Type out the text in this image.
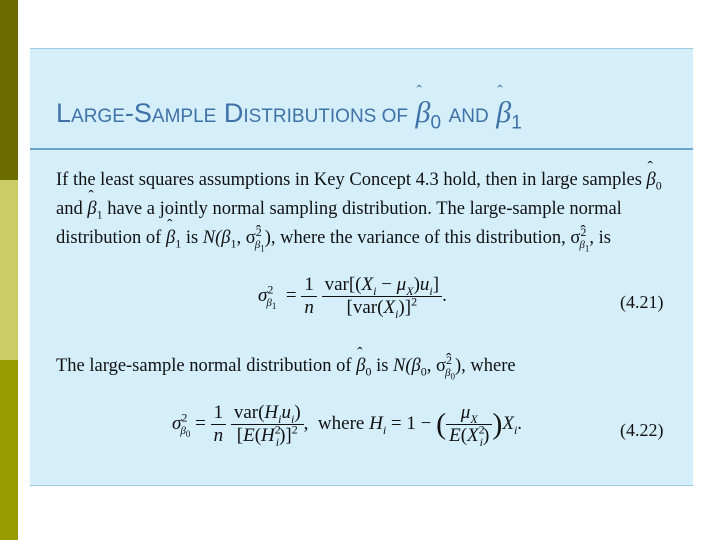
LARGE-SAMPLE DISTRIBUTIONS OF ˆ $\beta_0$ AND ˆ $\beta_1$
If the least squares assumptions in Key Concept 4.3 hold, then in large samples ˆ $\beta_0$
and ˆ $\beta_1$ have a jointly normal sampling distribution. The large-sample normal
distribution of ˆ $\beta_1$ is $N(\beta_1$, $\sigma^2_{\beta_1}$), where the variance of this distribution, $\sigma^2_{\beta_1}$, is
$\sigma^2_{\beta_1} = \frac{1}{n}$
$\frac{var[(X_i - \mu_X)u_i]}{[var(X_i)]^2}$ .	(4.21)
The large-sample normal distribution of ˆ $\beta_0$ is $N(\beta_0$, $\sigma^2_{\beta_0}$), where
$\sigma^2_{\beta_0} = \frac{1}{n}$
$\frac{var(H_iu_i)}{[E(H^2_i)]^2}$ ,  where $H_i = 1$ − ( $\frac{\mu_X}{E(X^2_i)} )X_i$.	(4.22)
